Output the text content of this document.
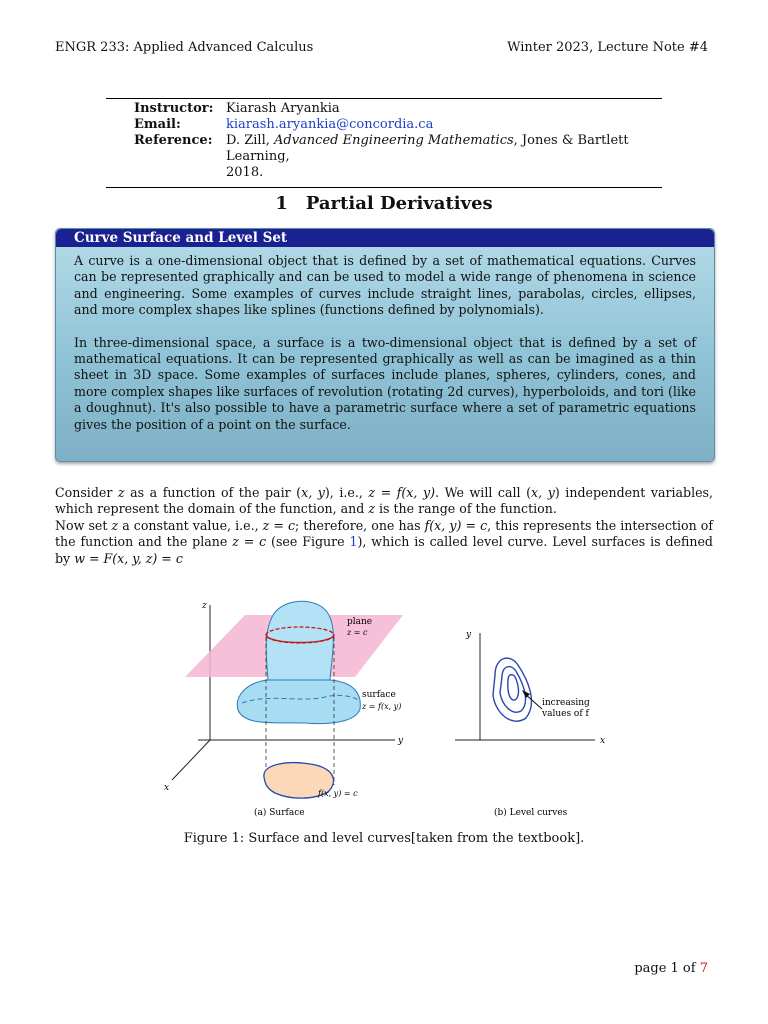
ENGR 233: Applied Advanced Calculus	Winter 2023, Lecture Note #4
Instructor: Kiarash Aryankia
Email:	kiarash.aryankia@concordia.ca
Reference:	D. Zill, Advanced Engineering Mathematics, Jones & Bartlett Learning,
2018.
1 Partial Derivatives
Curve Surface and Level Set

A curve is a one-dimensional object that is defined by a set of mathematical equations. Curves can be represented graphically and can be used to model a wide range of phenomena in science and engineering. Some examples of curves include straight lines, parabolas, circles, ellipses, and more complex shapes like splines (functions defined by polynomials).

In three-dimensional space, a surface is a two-dimensional object that is defined by a set of mathematical equations. It can be represented graphically as well as can be imagined as a thin sheet in 3D space. Some examples of surfaces include planes, spheres, cylinders, cones, and more complex shapes like surfaces of revolution (rotating 2d curves), hyperboloids, and tori (like a doughnut). It's also possible to have a parametric surface where a set of parametric equations gives the position of a point on the surface.

Consider z as a function of the pair (x, y), i.e., z = f(x, y). We will call (x, y) independent variables, which represent the domain of the function, and z is the range of the function.

Now set z a constant value, i.e., z = c; therefore, one has f(x, y) = c, this represents the intersection of the function and the plane z = c (see Figure 1), which is called level curve. Level surfaces is defined by w = F(x, y, z) = c

z
y
x
plane
z = c
surface
z = f(x, y)
f(x, y) = c
(a) Surface
y
x
increasing
values of f
(b) Level curves
Figure 1: Surface and level curves[taken from the textbook].
page 1 of 7
